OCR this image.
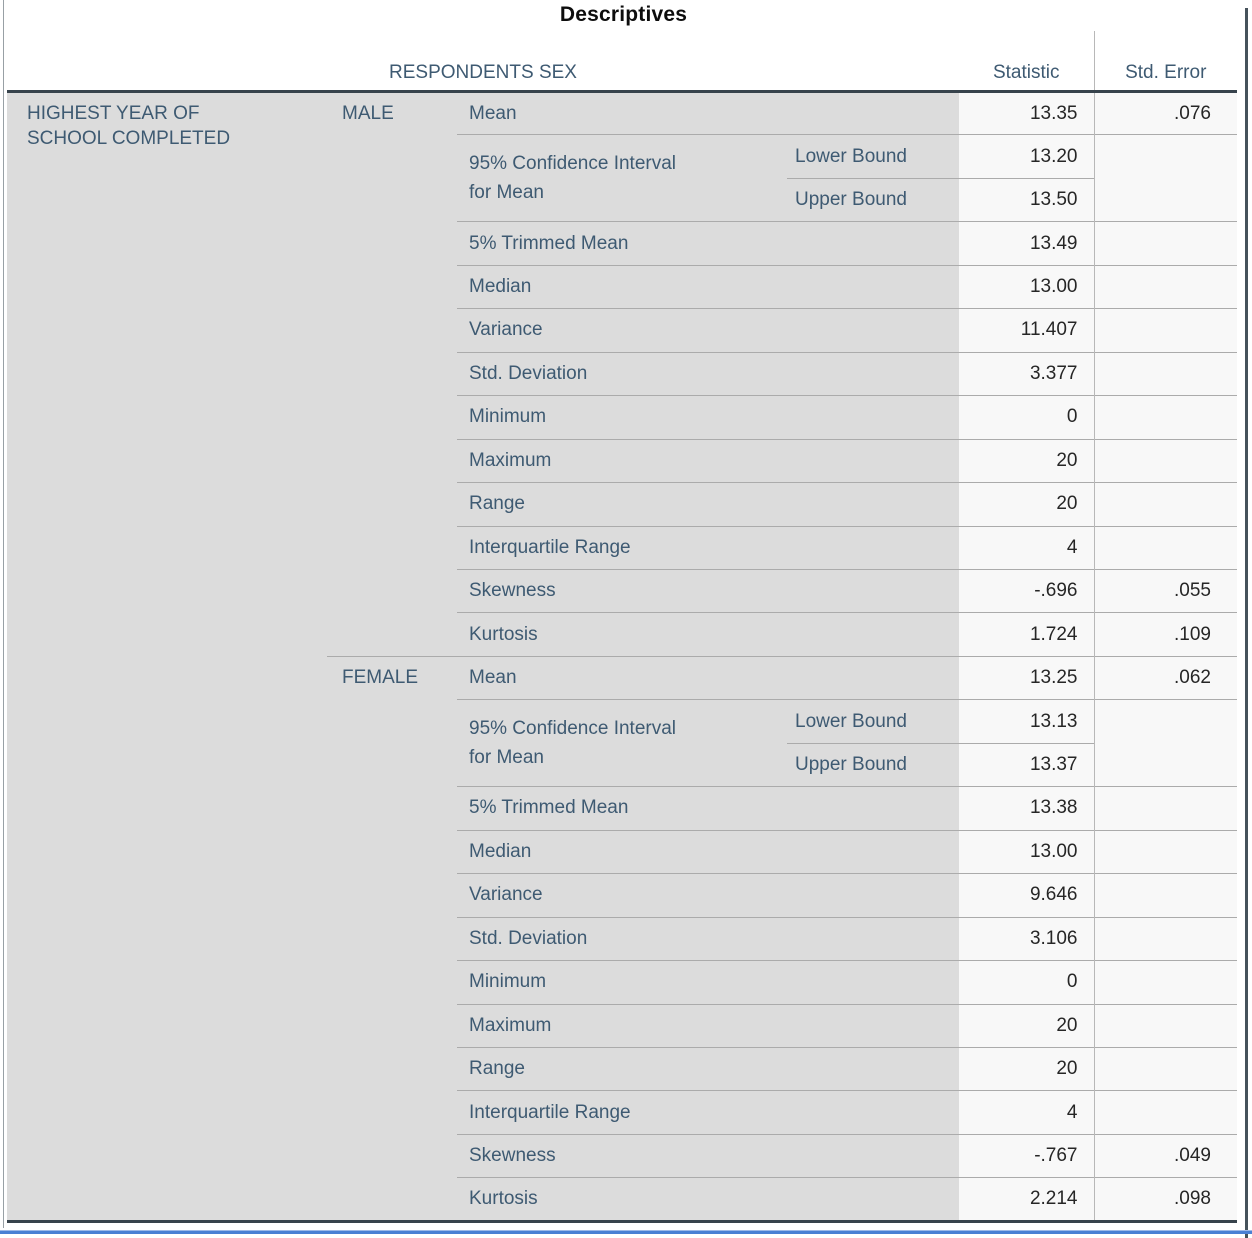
Descriptives
RESPONDENTS SEX				Statistic	Std. Error

HIGHEST YEAR OF SCHOOL COMPLETED	MALE	Mean		13.35	.076

		95% Confidence Interval for Mean	Lower Bound	13.20	
			Upper Bound	13.50	
		5% Trimmed Mean		13.49	
		Median		13.00	
		Variance		11.407	
		Std. Deviation		3.377	
		Minimum		0	
		Maximum		20	
		Range		20	
		Interquartile Range		4	
		Skewness		-.696	.055
		Kurtosis		1.724	.109
	FEMALE	Mean		13.25	.062

		95% Confidence Interval for Mean	Lower Bound	13.13	
			Upper Bound	13.37	
		5% Trimmed Mean		13.38	
		Median		13.00	
		Variance		9.646	
		Std. Deviation		3.106	
		Minimum		0	
		Maximum		20	
		Range		20	
		Interquartile Range		4	
		Skewness		-.767	.049
		Kurtosis		2.214	.098
